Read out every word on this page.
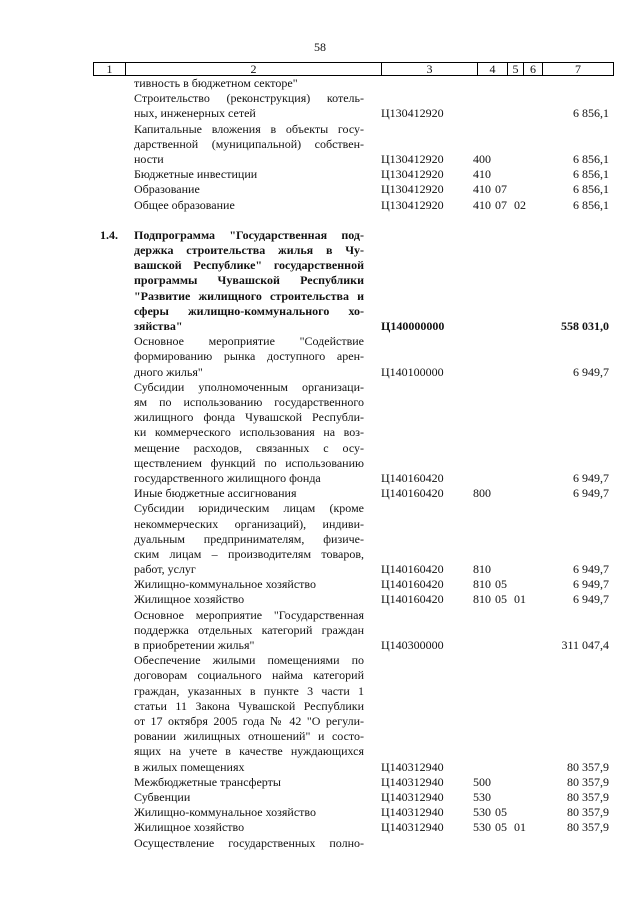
58
1	2	3	4	5 6	7
тивность в бюджетном секторе"
Строительство (реконструкция) котель-
ных, инженерных сетей	Ц130412920	6 856,1
Капитальные вложения в объекты госу-
дарственной (муниципальной) собствен-
ности	Ц130412920 400	6 856,1
Бюджетные инвестиции	Ц130412920 410	6 856,1
Образование	Ц130412920 410 07	6 856,1
Общее образование	Ц130412920 410 07 02	6 856,1
1.4. Подпрограмма "Государственная под-
держка строительства жилья в Чу-
вашской Республике" государственной
программы Чувашской Республики
"Развитие жилищного строительства и
сферы жилищно-коммунального хо-
зяйства"	Ц140000000	558 031,0
Основное мероприятие "Содействие
формированию рынка доступного арен-
дного жилья"	Ц140100000	6 949,7
Субсидии уполномоченным организаци-
ям по использованию государственного
жилищного фонда Чувашской Республи-
ки коммерческого использования на воз-
мещение расходов, связанных с осу-
ществлением функций по использованию
государственного жилищного фонда	Ц140160420	6 949,7
Иные бюджетные ассигнования	Ц140160420 800	6 949,7
Субсидии юридическим лицам (кроме
некоммерческих организаций), индиви-
дуальным предпринимателям, физиче-
ским лицам – производителям товаров,
работ, услуг	Ц140160420 810	6 949,7
Жилищно-коммунальное хозяйство	Ц140160420 810 05	6 949,7
Жилищное хозяйство	Ц140160420 810 05 01	6 949,7
Основное мероприятие "Государственная
поддержка отдельных категорий граждан
в приобретении жилья"	Ц140300000	311 047,4
Обеспечение жилыми помещениями по
договорам социального найма категорий
граждан, указанных в пункте 3 части 1
статьи 11 Закона Чувашской Республики
от 17 октября 2005 года № 42 "О регули-
ровании жилищных отношений" и состо-
ящих на учете в качестве нуждающихся
в жилых помещениях	Ц140312940	80 357,9
Межбюджетные трансферты	Ц140312940 500	80 357,9
Субвенции	Ц140312940 530	80 357,9
Жилищно-коммунальное хозяйство	Ц140312940 530 05	80 357,9
Жилищное хозяйство	Ц140312940 530 05 01	80 357,9
Осуществление государственных полно-
